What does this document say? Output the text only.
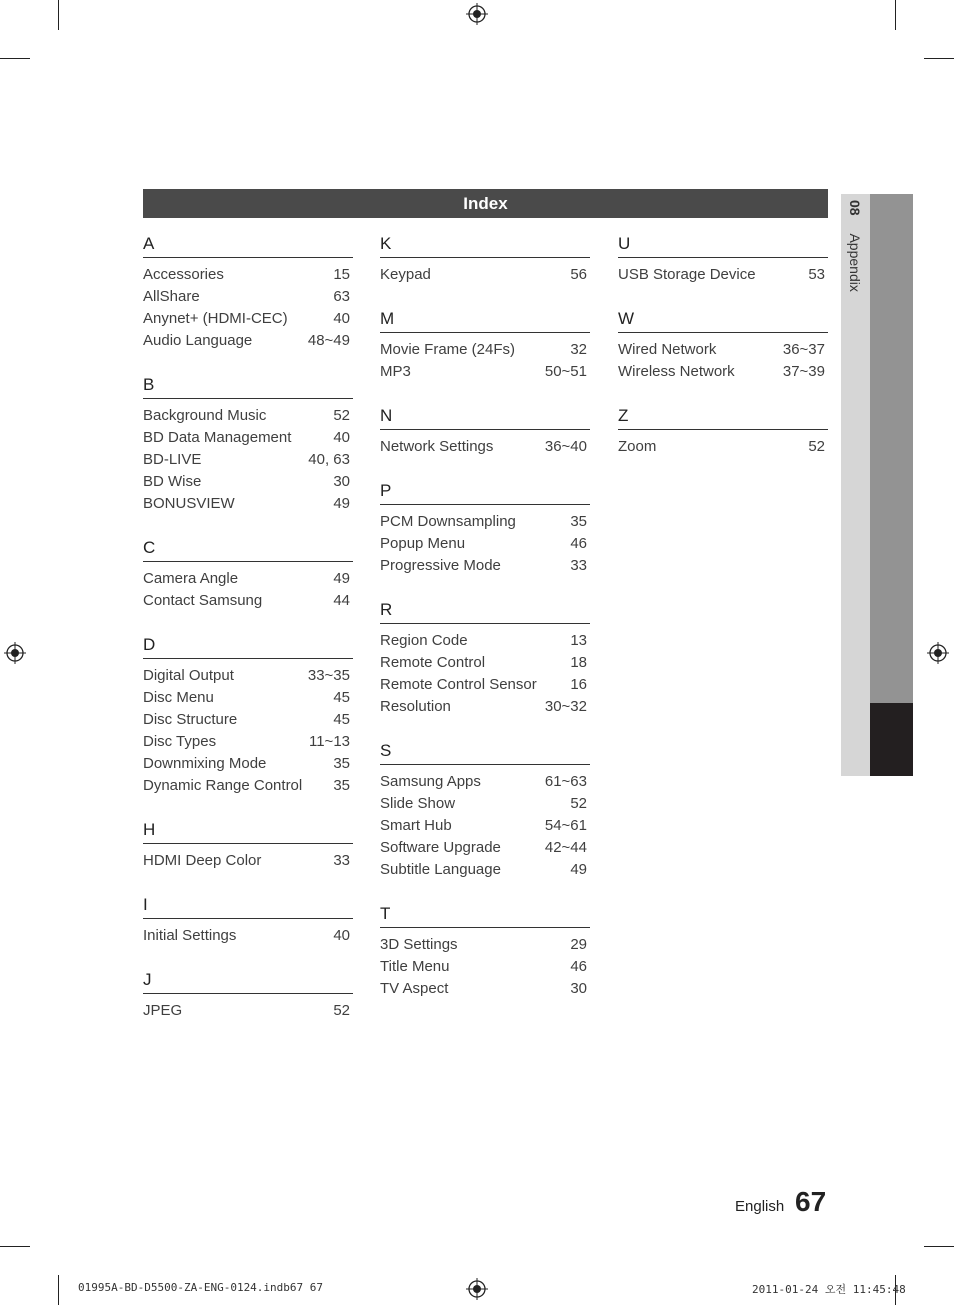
Index
A
Accessories	15
AllShare	63
Anynet+ (HDMI-CEC)	40
Audio Language	48~49
B
Background Music	52
BD Data Management	40
BD-LIVE	40, 63
BD Wise	30
BONUSVIEW	49
C
Camera Angle	49
Contact Samsung	44
D
Digital Output	33~35
Disc Menu	45
Disc Structure	45
Disc Types	11~13
Downmixing Mode	35
Dynamic Range Control 35
H
HDMI Deep Color	33
I
Initial Settings	40
J
JPEG	52
K
Keypad	56
M
Movie Frame (24Fs)	32
MP3	50~51
N
Network Settings	36~40
P
PCM Downsampling	35
Popup Menu	46
Progressive Mode	33
R
Region Code	13
Remote Control	18
Remote Control Sensor 16
Resolution	30~32
S
Samsung Apps	61~63
Slide Show	52
Smart Hub	54~61
Software Upgrade	42~44
Subtitle Language	49
T
3D Settings	29
Title Menu	46
TV Aspect	30
U
USB Storage Device	53
W
Wired Network	36~37
Wireless Network	37~39
Z
Zoom	52
08 Appendix
English 67
01995A-BD-D5500-ZA-ENG-0124.indb67 67	2011-01-24 오전 11:45:48
